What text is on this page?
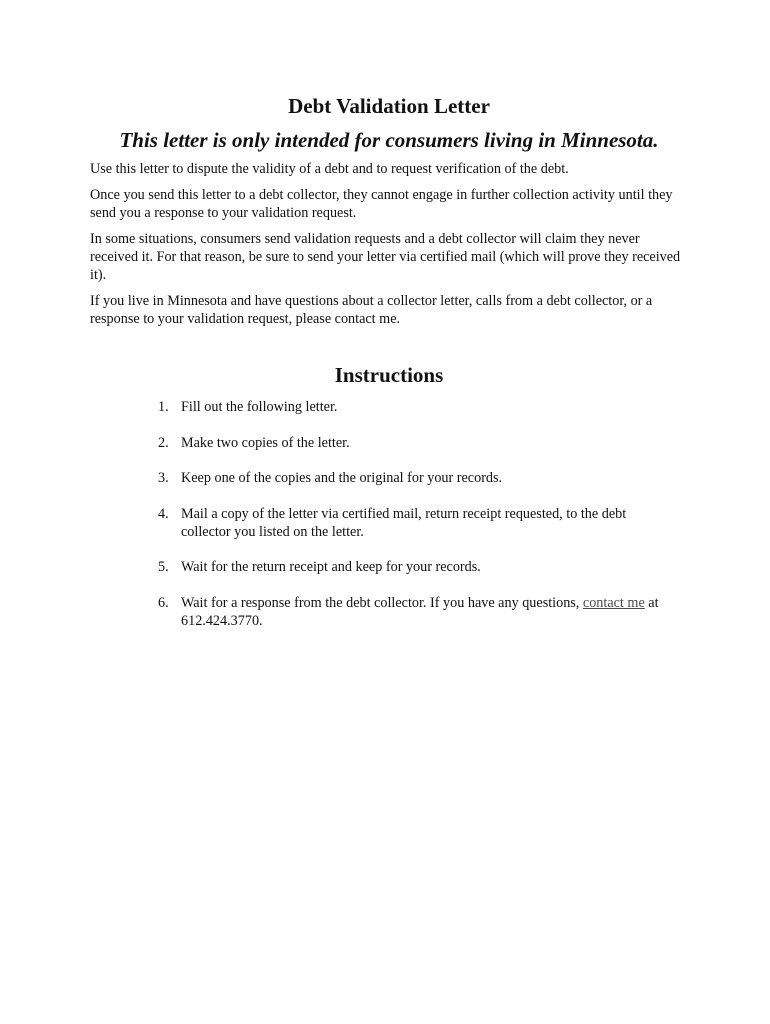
Debt Validation Letter
This letter is only intended for consumers living in Minnesota.

Use this letter to dispute the validity of a debt and to request verification of the debt.

Once you send this letter to a debt collector, they cannot engage in further collection activity until they send you a response to your validation request.

In some situations, consumers send validation requests and a debt collector will claim they never received it. For that reason, be sure to send your letter via certified mail (which will prove they received it).

If you live in Minnesota and have questions about a collector letter, calls from a debt collector, or a response to your validation request, please contact me.

Instructions
1. Fill out the following letter.
2. Make two copies of the letter.
3. Keep one of the copies and the original for your records.
4. Mail a copy of the letter via certified mail, return receipt requested, to the debt collector you listed on the letter.
5. Wait for the return receipt and keep for your records.
6. Wait for a response from the debt collector. If you have any questions, contact me at 612.424.3770.
